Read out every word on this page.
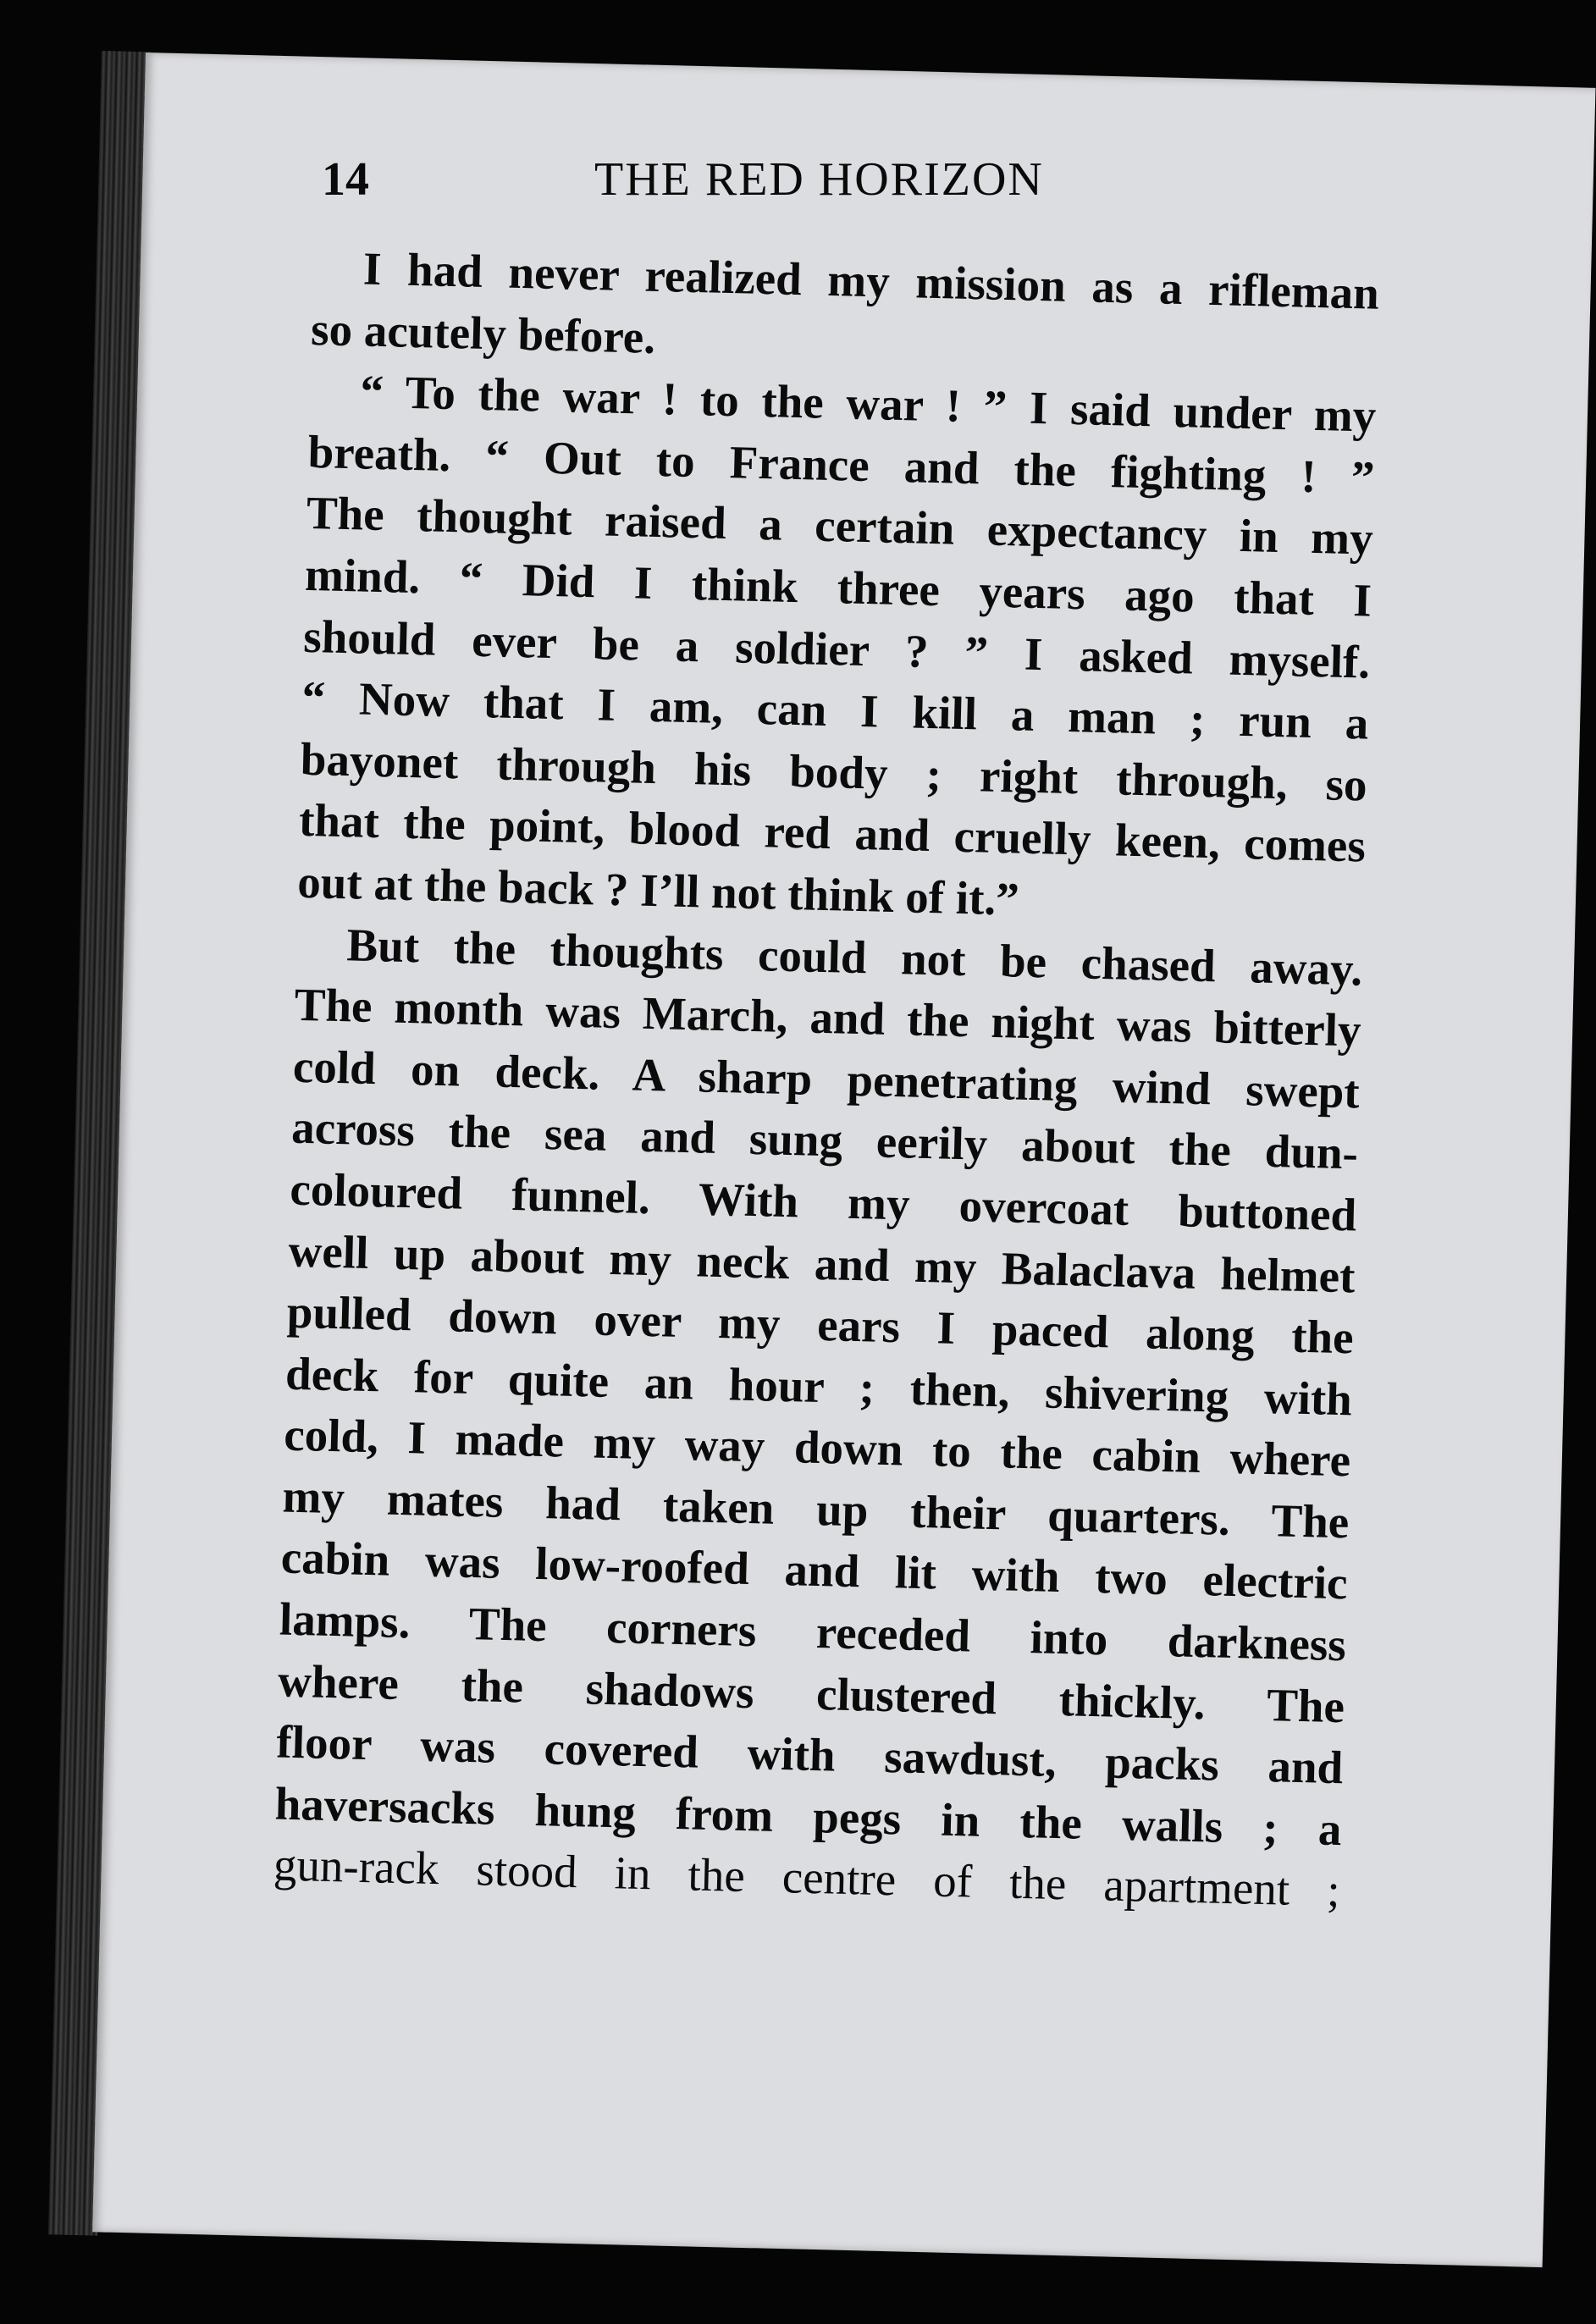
14	THE RED HORIZON
I had never realized my mission as a rifleman
so acutely before.
“ To the war ! to the war ! ” I said under my
breath. “ Out to France and the fighting ! ”
The thought raised a certain expectancy in my
mind. “ Did I think three years ago that I
should ever be a soldier ? ” I asked myself.
“ Now that I am, can I kill a man ; run a
bayonet through his body ; right through, so
that the point, blood red and cruelly keen, comes
out at the back ? I’ll not think of it.”
But the thoughts could not be chased away.
The month was March, and the night was bitterly
cold on deck. A sharp penetrating wind swept
across the sea and sung eerily about the dun-
coloured funnel. With my overcoat buttoned
well up about my neck and my Balaclava helmet
pulled down over my ears I paced along the
deck for quite an hour ; then, shivering with
cold, I made my way down to the cabin where
my mates had taken up their quarters. The
cabin was low-roofed and lit with two electric
lamps. The corners receded into darkness
where the shadows clustered thickly. The
floor was covered with sawdust, packs and
haversacks hung from pegs in the walls ; a
gun-rack stood in the centre of the apartment ;
